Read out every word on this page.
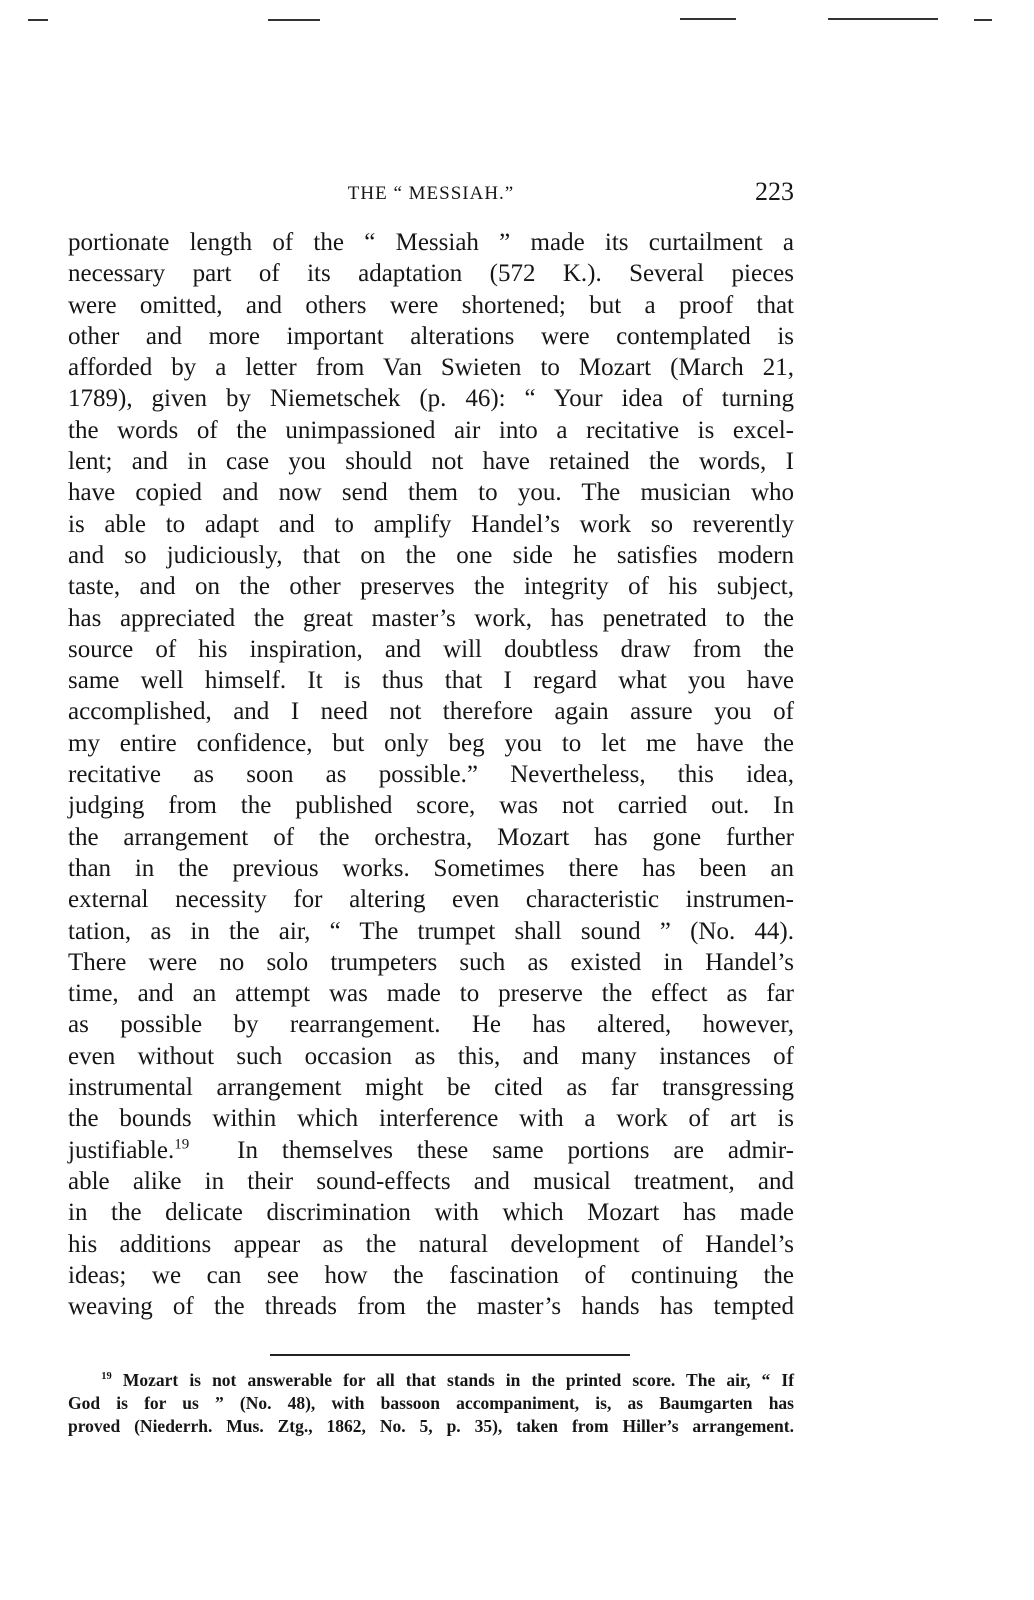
THE “ MESSIAH.”	223
portionate length of the “ Messiah ” made its curtailment a
necessary part of its adaptation (572 K.). Several pieces
were omitted, and others were shortened; but a proof that
other and more important alterations were contemplated is
afforded by a letter from Van Swieten to Mozart (March 21,
1789), given by Niemetschek (p. 46): “ Your idea of turning
the words of the unimpassioned air into a recitative is excel-
lent; and in case you should not have retained the words, I
have copied and now send them to you. The musician who
is able to adapt and to amplify Handel’s work so reverently
and so judiciously, that on the one side he satisfies modern
taste, and on the other preserves the integrity of his subject,
has appreciated the great master’s work, has penetrated to the
source of his inspiration, and will doubtless draw from the
same well himself. It is thus that I regard what you have
accomplished, and I need not therefore again assure you of
my entire confidence, but only beg you to let me have the
recitative as soon as possible.” Nevertheless, this idea,
judging from the published score, was not carried out. In
the arrangement of the orchestra, Mozart has gone further
than in the previous works. Sometimes there has been an
external necessity for altering even characteristic instrumen-
tation, as in the air, “ The trumpet shall sound ” (No. 44).
There were no solo trumpeters such as existed in Handel’s
time, and an attempt was made to preserve the effect as far
as possible by rearrangement. He has altered, however,
even without such occasion as this, and many instances of
instrumental arrangement might be cited as far transgressing
the bounds within which interference with a work of art is
justifiable.$^{19}$ In themselves these same portions are admir-
able alike in their sound-effects and musical treatment, and
in the delicate discrimination with which Mozart has made
his additions appear as the natural development of Handel’s
ideas; we can see how the fascination of continuing the
weaving of the threads from the master’s hands has tempted
$^{19}$ Mozart is not answerable for all that stands in the printed score. The air, “ If
God is for us ” (No. 48), with bassoon accompaniment, is, as Baumgarten has
proved (Niederrh. Mus. Ztg., 1862, No. 5, p. 35), taken from Hiller’s arrangement.
